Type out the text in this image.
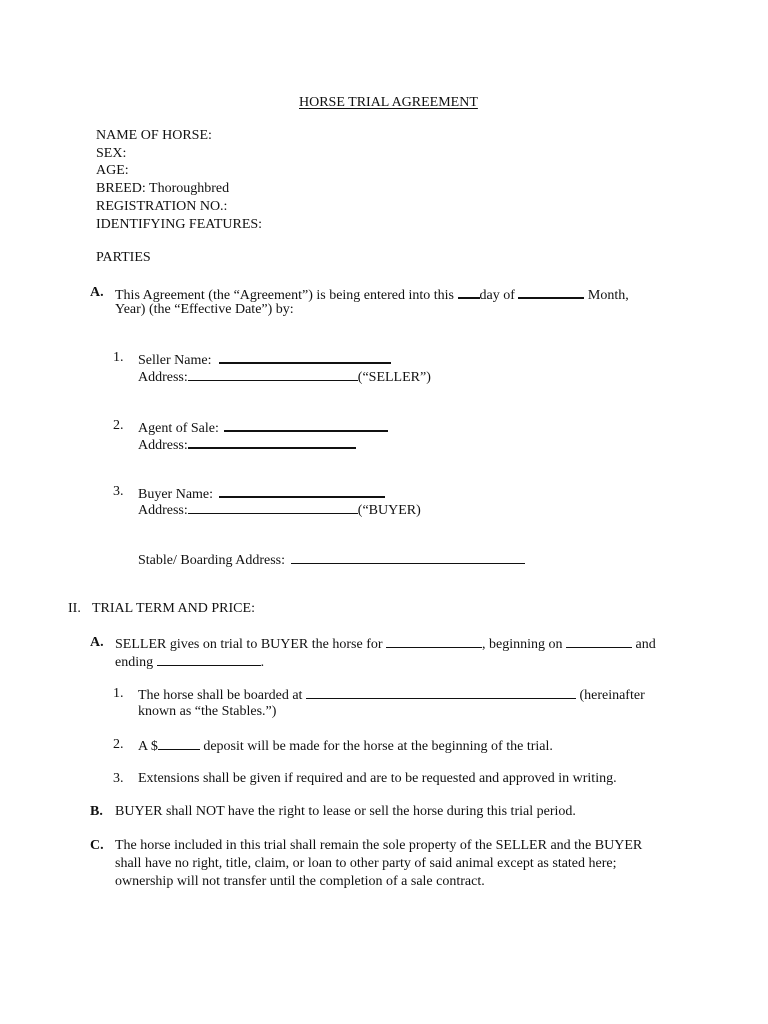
HORSE TRIAL AGREEMENT
NAME OF HORSE:
SEX:
AGE:
BREED: Thoroughbred
REGISTRATION NO.:
IDENTIFYING FEATURES:
PARTIES
A. This Agreement (the “Agreement”) is being entered into this day of	Month,
Year) (the “Effective Date”) by:
1. Seller Name:
Address:	(“SELLER”)
2. Agent of Sale:
Address:
3. Buyer Name:
Address:	(“BUYER)
Stable/ Boarding Address:
II. TRIAL TERM AND PRICE:
A. SELLER gives on trial to BUYER the horse for	, beginning on	and
ending	.
1. The horse shall be boarded at	(hereinafter
known as “the Stables.”)
2. A $	deposit will be made for the horse at the beginning of the trial.
3. Extensions shall be given if required and are to be requested and approved in writing.
B. BUYER shall NOT have the right to lease or sell the horse during this trial period.
C. The horse included in this trial shall remain the sole property of the SELLER and the BUYER
shall have no right, title, claim, or loan to other party of said animal except as stated here;
ownership will not transfer until the completion of a sale contract.
